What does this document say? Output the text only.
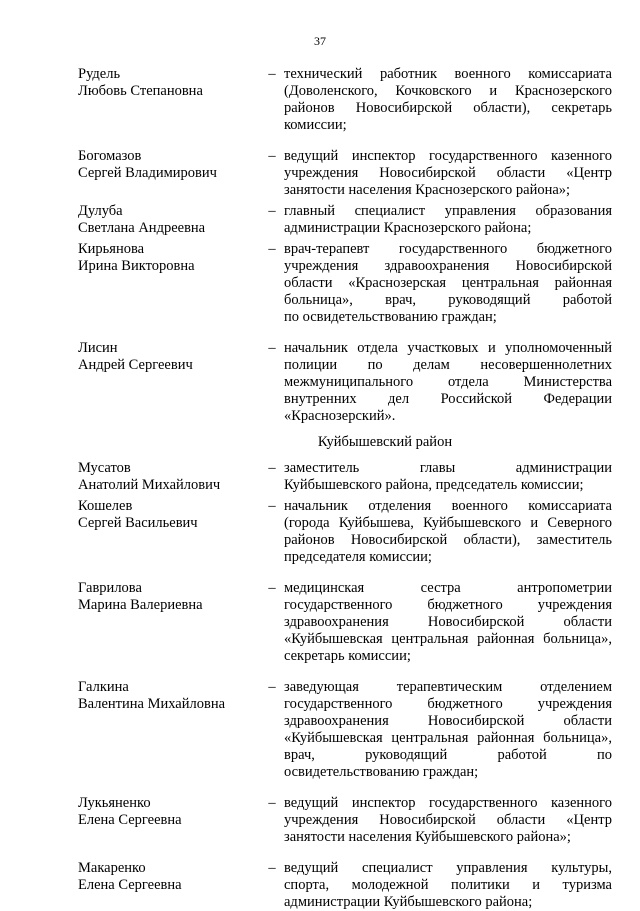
37
Рудель
Любовь Степановна
– технический работник военного комиссариата
(Доволенского, Кочковского и Краснозерского
районов Новосибирской области), секретарь
комиссии;
Богомазов
Сергей Владимирович
– ведущий инспектор государственного казенного
учреждения Новосибирской области «Центр
занятости населения Краснозерского района»;
Дулуба
Светлана Андреевна
– главный специалист управления образования
администрации Краснозерского района;
Кирьянова
Ирина Викторовна
– врач-терапевт государственного бюджетного
учреждения здравоохранения Новосибирской
области «Краснозерская центральная районная
больница», врач, руководящий работой
по освидетельствованию граждан;
Лисин
Андрей Сергеевич
– начальник отдела участковых и уполномоченный
полиции по делам несовершеннолетних
межмуниципального отдела Министерства
внутренних дел Российской Федерации
«Краснозерский».
Куйбышевский район
Мусатов
Анатолий Михайлович
– заместитель главы администрации
Куйбышевского района, председатель комиссии;
Кошелев
Сергей Васильевич
– начальник отделения военного комиссариата
(города Куйбышева, Куйбышевского и Северного
районов Новосибирской области), заместитель
председателя комиссии;
Гаврилова
Марина Валериевна
– медицинская сестра антропометрии
государственного бюджетного учреждения
здравоохранения Новосибирской области
«Куйбышевская центральная районная больница»,
секретарь комиссии;
Галкина
Валентина Михайловна
– заведующая терапевтическим отделением
государственного бюджетного учреждения
здравоохранения Новосибирской области
«Куйбышевская центральная районная больница»,
врач, руководящий работой по
освидетельствованию граждан;
Лукьяненко
Елена Сергеевна
– ведущий инспектор государственного казенного
учреждения Новосибирской области «Центр
занятости населения Куйбышевского района»;
Макаренко
Елена Сергеевна
– ведущий специалист управления культуры,
спорта, молодежной политики и туризма
администрации Куйбышевского района;
